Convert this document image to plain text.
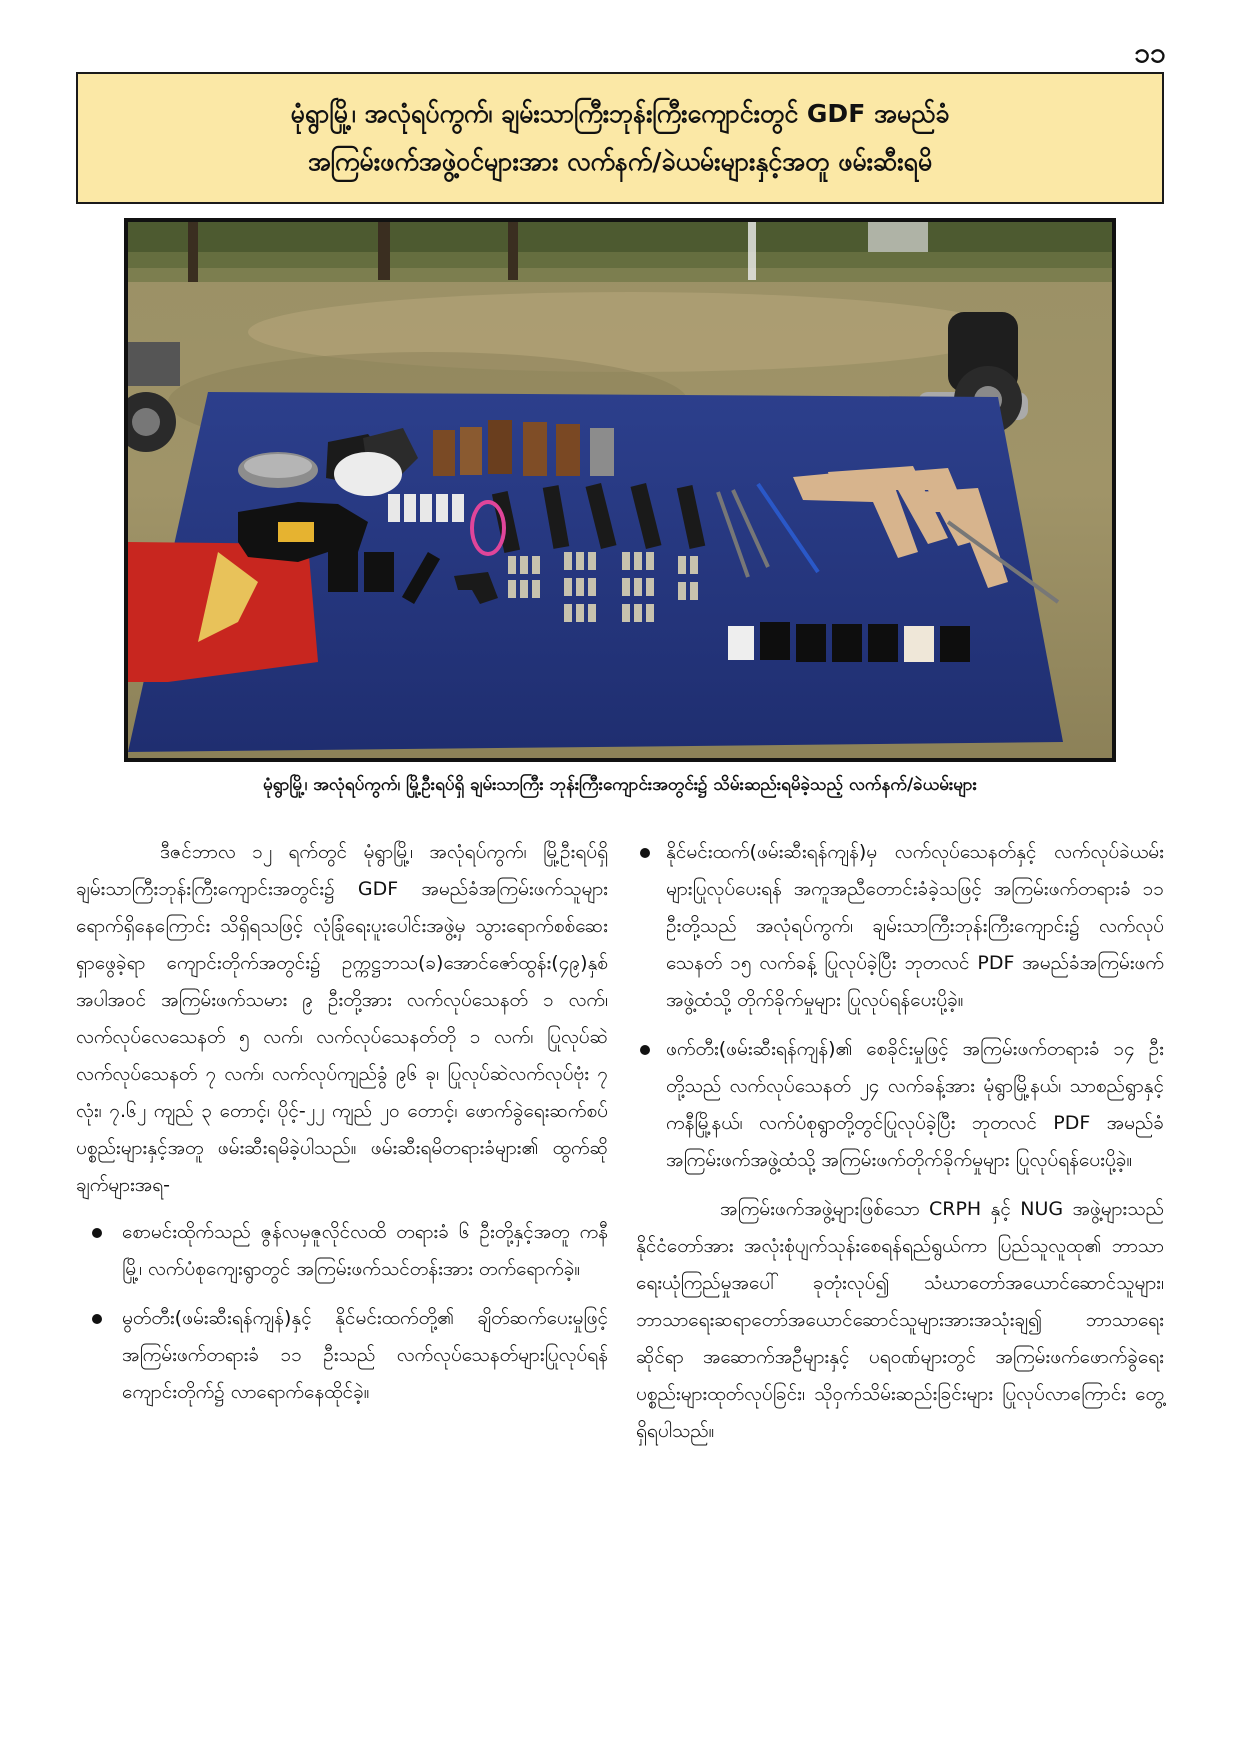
၁၁
မုံရွာမြို့၊ အလုံရပ်ကွက်၊ ချမ်းသာကြီးဘုန်းကြီးကျောင်းတွင် GDF အမည်ခံ
အကြမ်းဖက်အဖွဲ့ဝင်များအား လက်နက်/ခဲယမ်းများနှင့်အတူ ဖမ်းဆီးရမိ
မုံရွာမြို့၊ အလုံရပ်ကွက်၊ မြို့ဦးရပ်ရှိ ချမ်းသာကြီး ဘုန်းကြီးကျောင်းအတွင်း၌ သိမ်းဆည်းရမိခဲ့သည့် လက်နက်/ခဲယမ်းများ

ဒီဇင်ဘာလ ၁၂ ရက်တွင် မုံရွာမြို့၊ အလုံရပ်ကွက်၊ မြို့ဦးရပ်ရှိ ချမ်းသာကြီးဘုန်းကြီးကျောင်းအတွင်း၌ GDF အမည်ခံအကြမ်းဖက်သူများ ရောက်ရှိနေကြောင်း သိရှိရသဖြင့် လုံခြုံရေးပူးပေါင်းအဖွဲ့မှ သွားရောက်စစ်ဆေးရှာဖွေခဲ့ရာ ကျောင်းတိုက်အတွင်း၌ ဥက္ကဋ္ဌဘသ(ခ)အောင်ဇော်ထွန်း(၄၉)နှစ်အပါအဝင် အကြမ်းဖက်သမား ၉ ဦးတို့အား လက်လုပ်သေနတ် ၁ လက်၊ လက်လုပ်လေသေနတ် ၅ လက်၊ လက်လုပ်သေနတ်တို ၁ လက်၊ ပြုလုပ်ဆဲလက်လုပ်သေနတ် ၇ လက်၊ လက်လုပ်ကျည်ခွံ ၉၆ ခု၊ ပြုလုပ်ဆဲလက်လုပ်ဗုံး ၇ လုံး၊ ၇.၆၂ ကျည် ၃ တောင့်၊ ပိုင့်-၂၂ ကျည် ၂၀ တောင့်၊ ဖောက်ခွဲရေးဆက်စပ်ပစ္စည်းများနှင့်အတူ ဖမ်းဆီးရမိခဲ့ပါသည်။ ဖမ်းဆီးရမိတရားခံများ၏ ထွက်ဆိုချက်များအရ-

စောမင်းထိုက်သည် ဇွန်လမှဇူလိုင်လထိ တရားခံ ၆ ဦးတို့နှင့်အတူ ကနီမြို့၊ လက်ပံစုကျေးရွာတွင် အကြမ်းဖက်သင်တန်းအား တက်ရောက်ခဲ့။
မွတ်တီး(ဖမ်းဆီးရန်ကျန်)နှင့် နိုင်မင်းထက်တို့၏ ချိတ်ဆက်ပေးမှုဖြင့် အကြမ်းဖက်တရားခံ ၁၁ ဦးသည် လက်လုပ်သေနတ်များပြုလုပ်ရန် ကျောင်းတိုက်၌ လာရောက်နေထိုင်ခဲ့။
နိုင်မင်းထက်(ဖမ်းဆီးရန်ကျန်)မှ လက်လုပ်သေနတ်နှင့် လက်လုပ်ခဲယမ်းများပြုလုပ်ပေးရန် အကူအညီတောင်းခံခဲ့သဖြင့် အကြမ်းဖက်တရားခံ ၁၁ ဦးတို့သည် အလုံရပ်ကွက်၊ ချမ်းသာကြီးဘုန်းကြီးကျောင်း၌ လက်လုပ်သေနတ် ၁၅ လက်ခန့် ပြုလုပ်ခဲ့ပြီး ဘုတလင် PDF အမည်ခံအကြမ်းဖက်အဖွဲ့ထံသို့ တိုက်ခိုက်မှုများ ပြုလုပ်ရန်ပေးပို့ခဲ့။
ဖက်တီး(ဖမ်းဆီးရန်ကျန်)၏ စေခိုင်းမှုဖြင့် အကြမ်းဖက်တရားခံ ၁၄ ဦးတို့သည် လက်လုပ်သေနတ် ၂၄ လက်ခန့်အား မုံရွာမြို့နယ်၊ သာစည်ရွာနှင့် ကနီမြို့နယ်၊ လက်ပံစုရွာတို့တွင်ပြုလုပ်ခဲ့ပြီး ဘုတလင် PDF အမည်ခံအကြမ်းဖက်အဖွဲ့ထံသို့ အကြမ်းဖက်တိုက်ခိုက်မှုများ ပြုလုပ်ရန်ပေးပို့ခဲ့။

အကြမ်းဖက်အဖွဲ့များဖြစ်သော CRPH နှင့် NUG အဖွဲ့များသည် နိုင်ငံတော်အား အလုံးစုံပျက်သုန်းစေရန်ရည်ရွယ်ကာ ပြည်သူလူထု၏ ဘာသာရေးယုံကြည်မှုအပေါ် ခုတုံးလုပ်၍ သံဃာတော်အယောင်ဆောင်သူများ၊ ဘာသာရေးဆရာတော်အယောင်ဆောင်သူများအားအသုံးချ၍ ဘာသာရေးဆိုင်ရာ အဆောက်အဦများနှင့် ပရဝဏ်များတွင် အကြမ်းဖက်ဖောက်ခွဲရေးပစ္စည်းများထုတ်လုပ်ခြင်း၊ သိုဝှက်သိမ်းဆည်းခြင်းများ ပြုလုပ်လာကြောင်း တွေ့ရှိရပါသည်။
